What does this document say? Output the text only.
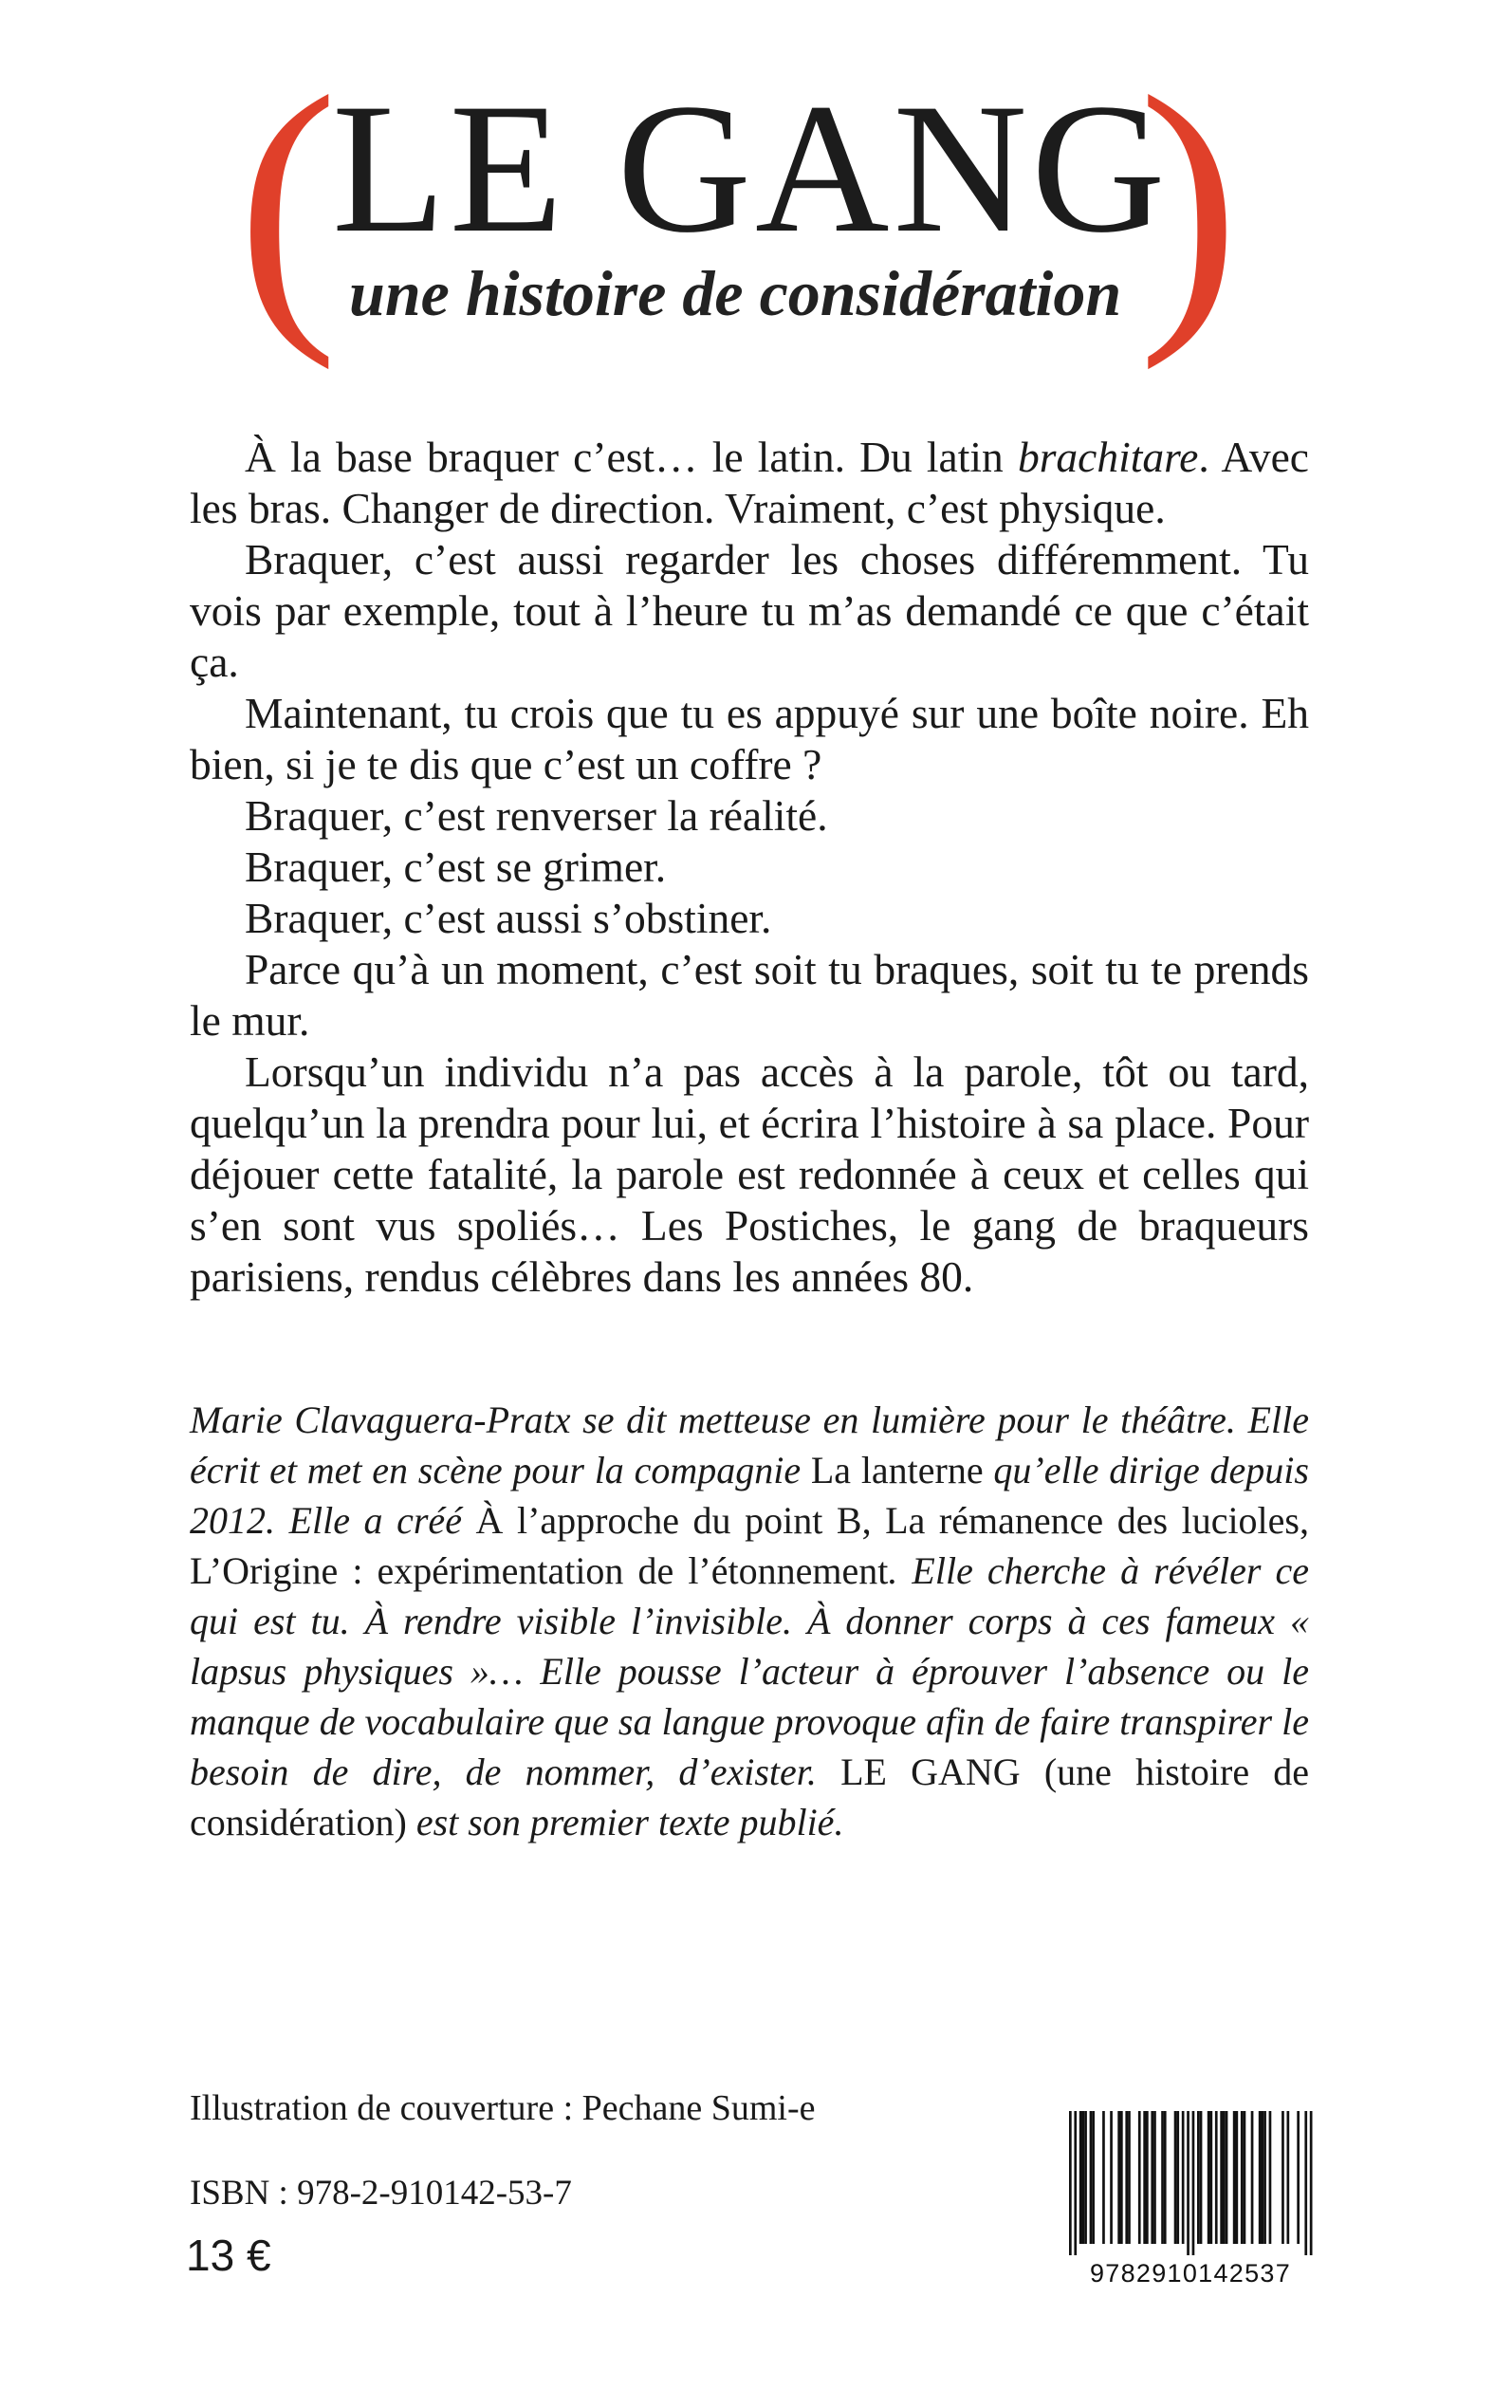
(
LE GANG
une histoire de considération )

À la base braquer c’est… le latin. Du latin brachitare. Avec les bras. Changer de direction. Vraiment, c’est physique.

Braquer, c’est aussi regarder les choses différemment. Tu vois par exemple, tout à l’heure tu m’as demandé ce que c’était ça.

Maintenant, tu crois que tu es appuyé sur une boîte noire. Eh bien, si je te dis que c’est un coffre ?

Braquer, c’est renverser la réalité.

Braquer, c’est se grimer.

Braquer, c’est aussi s’obstiner.

Parce qu’à un moment, c’est soit tu braques, soit tu te prends le mur.

Lorsqu’un individu n’a pas accès à la parole, tôt ou tard, quelqu’un la prendra pour lui, et écrira l’histoire à sa place. Pour déjouer cette fatalité, la parole est redonnée à ceux et celles qui s’en sont vus spoliés… Les Postiches, le gang de braqueurs parisiens, rendus célèbres dans les années 80.

Marie Clavaguera-Pratx se dit metteuse en lumière pour le théâtre. Elle écrit et met en scène pour la compagnie La lanterne qu’elle dirige depuis 2012. Elle a créé À l’approche du point B, La rémanence des lucioles, L’Origine : expérimentation de l’étonnement. Elle cherche à révéler ce qui est tu. À rendre visible l’invisible. À donner corps à ces fameux « lapsus physiques »… Elle pousse l’acteur à éprouver l’absence ou le manque de vocabulaire que sa langue provoque afin de faire transpirer le besoin de dire, de nommer, d’exister. LE GANG (une histoire de considération) est son premier texte publié.

Illustration de couverture : Pechane Sumi-e
ISBN : 978-2-910142-53-7
13 €	9782910142537
